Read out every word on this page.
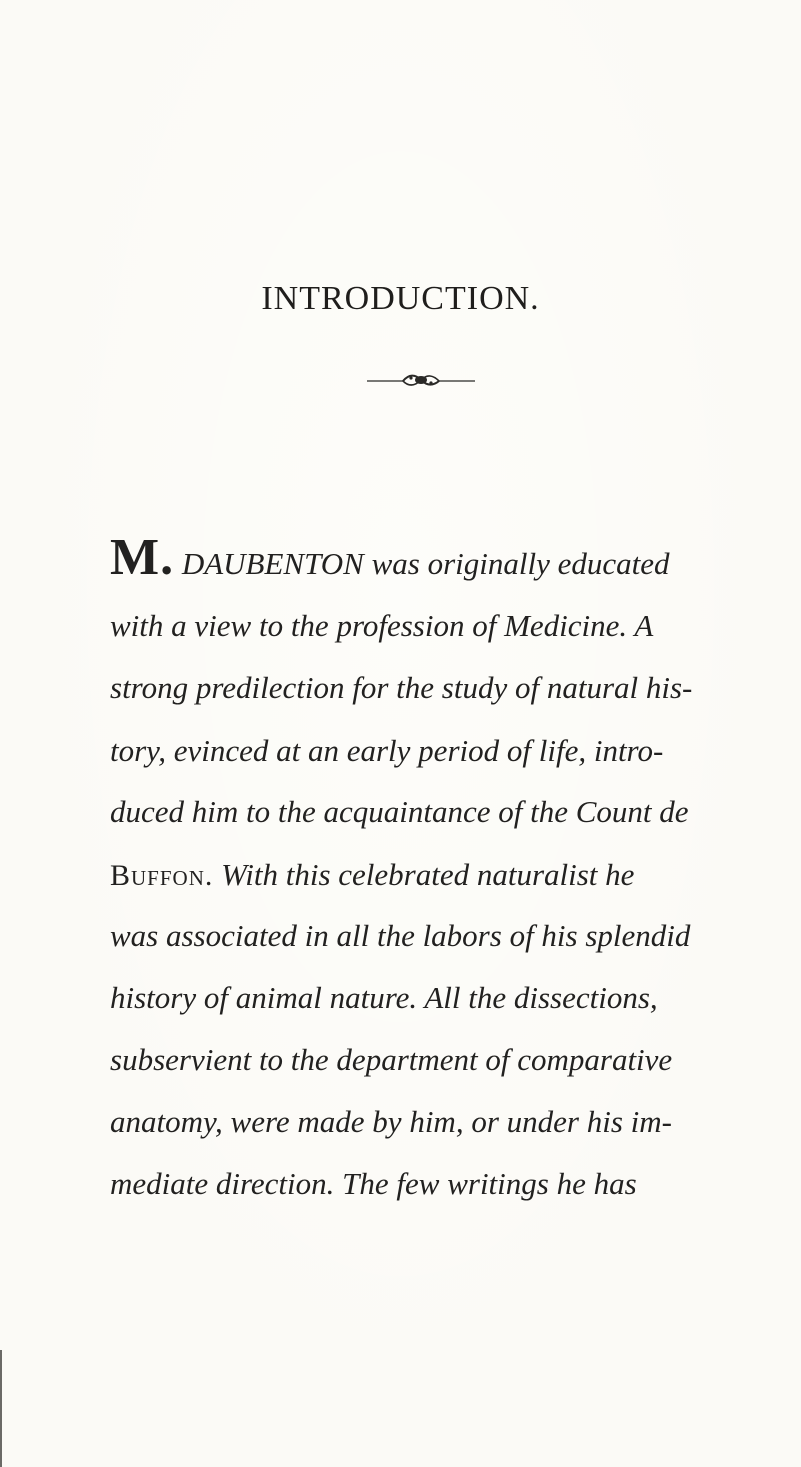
INTRODUCTION.
M. DAUBENTON was originally educated
with a view to the profession of Medicine. A
strong predilection for the study of natural his-
tory, evinced at an early period of life, intro-
duced him to the acquaintance of the Count de
Buffon. With this celebrated naturalist he
was associated in all the labors of his splendid
history of animal nature. All the dissections,
subservient to the department of comparative
anatomy, were made by him, or under his im-
mediate direction. The few writings he has
